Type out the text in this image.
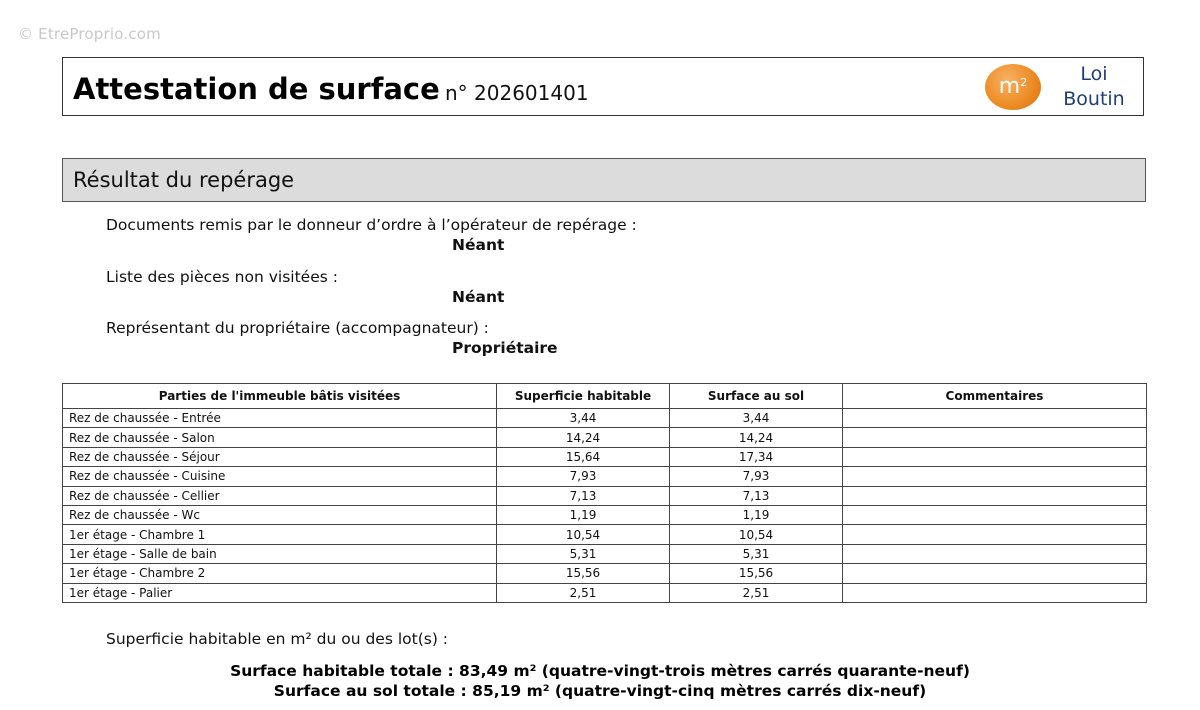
© EtreProprio.com
Attestation de surface n° 202601401	$m^2$	Loi
Boutin
Résultat du repérage
Documents remis par le donneur d’ordre à l’opérateur de repérage :
Néant
Liste des pièces non visitées :
Néant
Représentant du propriétaire (accompagnateur) :
Propriétaire
Parties de l'immeuble bâtis visitées	Superficie habitable	Surface au sol	Commentaires
Rez de chaussée - Entrée	3,44	3,44	
Rez de chaussée - Salon	14,24	14,24	
Rez de chaussée - Séjour	15,64	17,34	
Rez de chaussée - Cuisine	7,93	7,93	
Rez de chaussée - Cellier	7,13	7,13	
Rez de chaussée - Wc	1,19	1,19	
1er étage - Chambre 1	10,54	10,54	
1er étage - Salle de bain	5,31	5,31	
1er étage - Chambre 2	15,56	15,56	
1er étage - Palier	2,51	2,51	
Superficie habitable en m² du ou des lot(s) :
Surface habitable totale : 83,49 m² (quatre-vingt-trois mètres carrés quarante-neuf)
Surface au sol totale : 85,19 m² (quatre-vingt-cinq mètres carrés dix-neuf)
